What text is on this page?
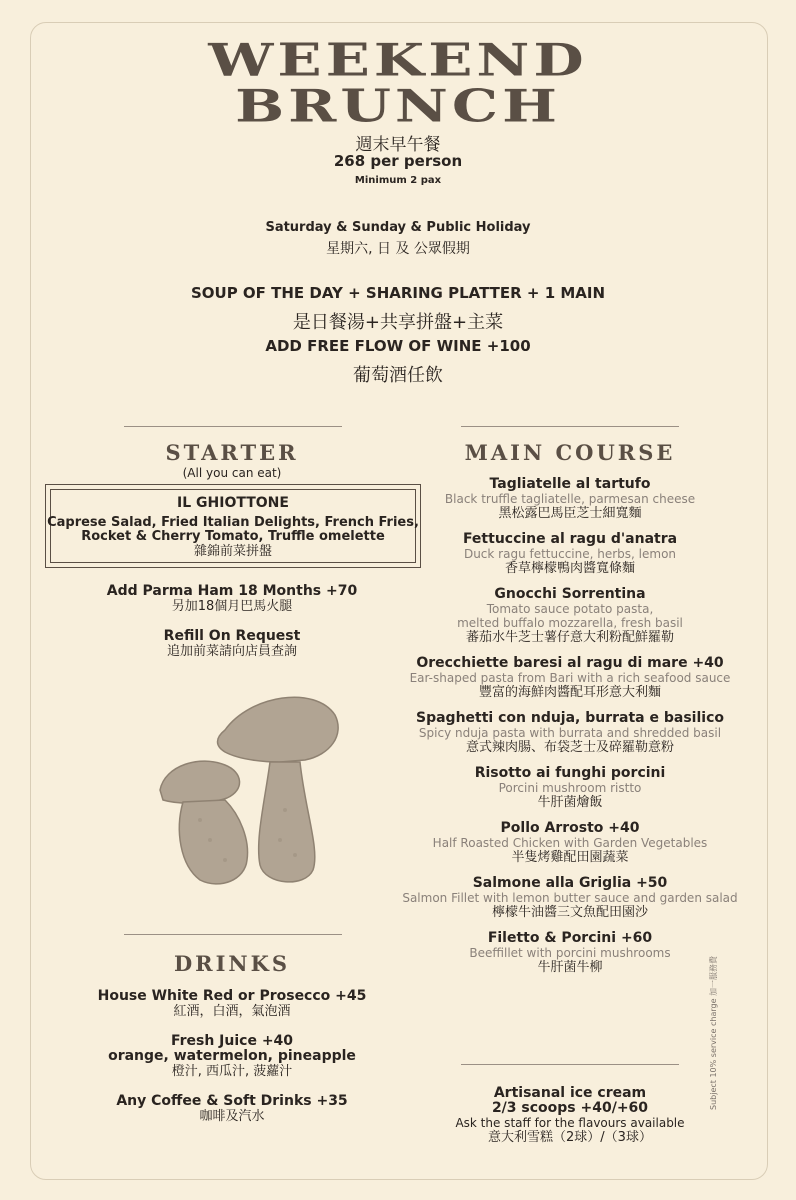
WEEKEND
BRUNCH
週末早午餐
268 per person
Minimum 2 pax
Saturday & Sunday & Public Holiday
星期六, 日 及 公眾假期
SOUP OF THE DAY + SHARING PLATTER + 1 MAIN
是日餐湯+共享拼盤+主菜
ADD FREE FLOW OF WINE +100
葡萄酒任飲
STARTER
(All you can eat)
IL GHIOTTONE
Caprese Salad, Fried Italian Delights, French Fries,
Rocket & Cherry Tomato, Truffle omelette
雜錦前菜拼盤
Add Parma Ham 18 Months +70
另加18個月巴馬火腿
Refill On Request
追加前菜請向店員查詢
DRINKS
House White Red or Prosecco +45
紅酒，白酒，氣泡酒
Fresh Juice +40
orange, watermelon, pineapple
橙汁, 西瓜汁, 菠蘿汁
Any Coffee & Soft Drinks +35
咖啡及汽水
MAIN COURSE
Tagliatelle al tartufo
Black truffle tagliatelle, parmesan cheese
黑松露巴馬臣芝士細寬麵
Fettuccine al ragu d'anatra
Duck ragu fettuccine, herbs, lemon
香草檸檬鴨肉醬寬條麵
Gnocchi Sorrentina
Tomato sauce potato pasta,
melted buffalo mozzarella, fresh basil
蕃茄水牛芝士薯仔意大利粉配鮮羅勒
Orecchiette baresi al ragu di mare +40
Ear-shaped pasta from Bari with a rich seafood sauce
豐富的海鮮肉醬配耳形意大利麵
Spaghetti con nduja, burrata e basilico
Spicy nduja pasta with burrata and shredded basil
意式辣肉腸、布袋芝士及碎羅勒意粉
Risotto ai funghi porcini
Porcini mushroom ristto
牛肝菌燴飯
Pollo Arrosto +40
Half Roasted Chicken with Garden Vegetables
半隻烤雞配田園蔬菜
Salmone alla Griglia +50
Salmon Fillet with lemon butter sauce and garden salad
檸檬牛油醬三文魚配田園沙
Filetto & Porcini +60
Beeffillet with porcini mushrooms
牛肝菌牛柳
Artisanal ice cream
2/3 scoops +40/+60
Ask the staff for the flavours available
意大利雪糕（2球）/（3球）
Subject 10% service charge 加一服務費
